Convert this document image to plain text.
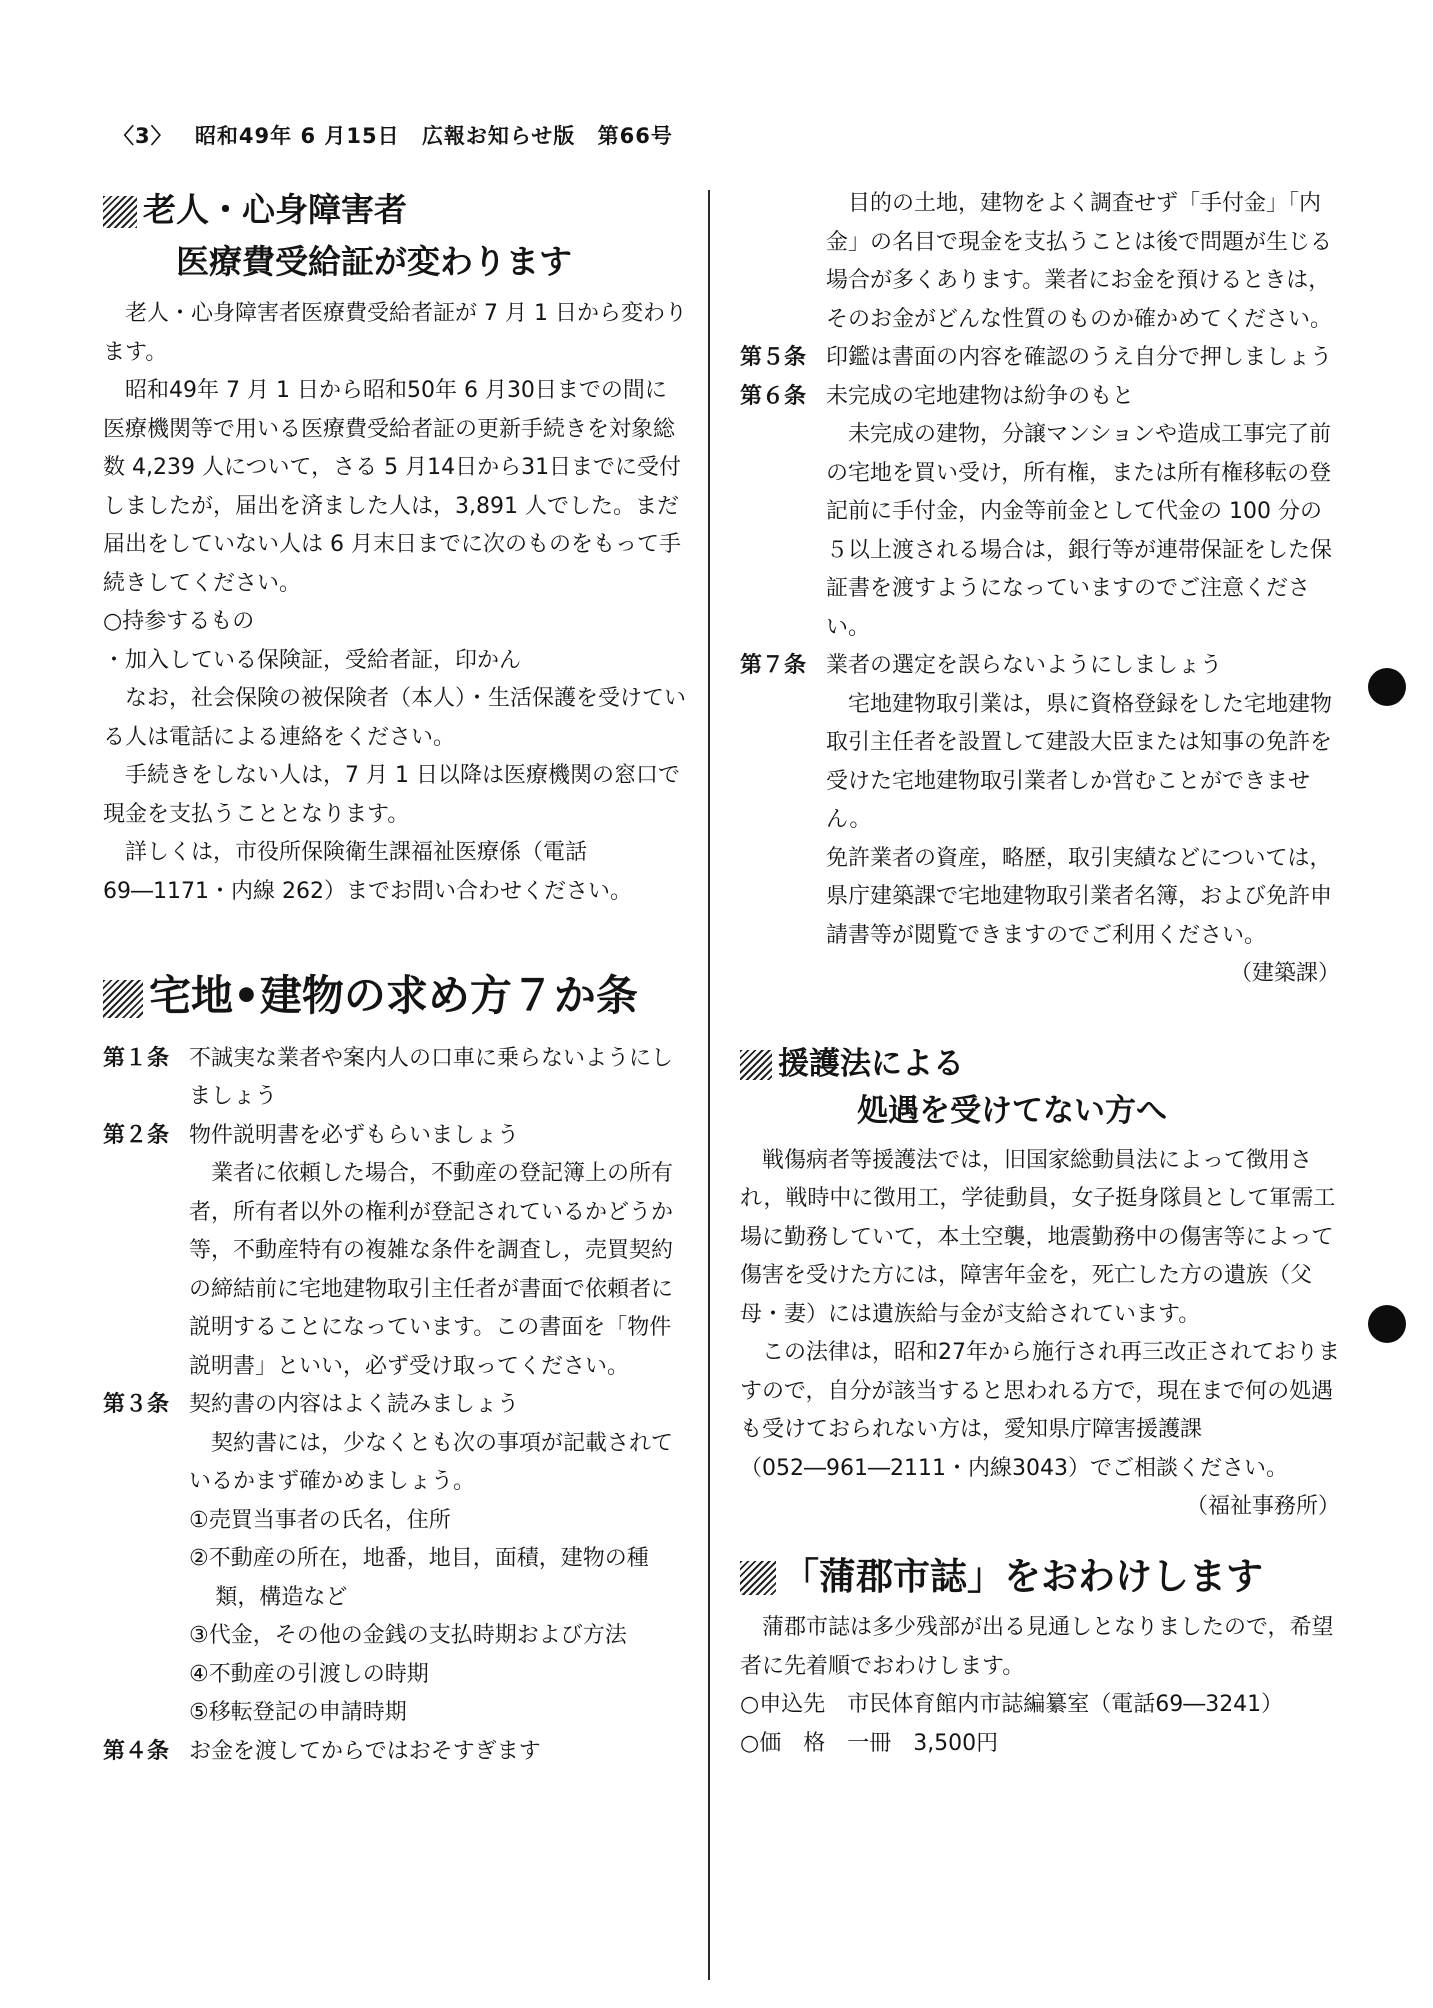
〈3〉 昭和49年 6 月15日 広報お知らせ版 第66号
老人・心身障害者
医療費受給証が変わります

老人・心身障害者医療費受給者証が 7 月 1 日から変わります。

昭和49年 7 月 1 日から昭和50年 6 月30日までの間に医療機関等で用いる医療費受給者証の更新手続きを対象総数 4,239 人について，さる 5 月14日から31日までに受付しましたが，届出を済ました人は，3,891 人でした。まだ届出をしていない人は 6 月末日までに次のものをもって手続きしてください。

○持参するもの

・加入している保険証，受給者証，印かん

なお，社会保険の被保険者（本人）・生活保護を受けている人は電話による連絡をください。

手続きをしない人は，7 月 1 日以降は医療機関の窓口で現金を支払うこととなります。

詳しくは，市役所保険衛生課福祉医療係（電話69―1171・内線 262）までお問い合わせください。

宅地•建物の求め方７か条
第１条 不誠実な業者や案内人の口車に乗らないようにしましょう
第２条 物件説明書を必ずもらいましょう

業者に依頼した場合，不動産の登記簿上の所有者，所有者以外の権利が登記されているかどうか等，不動産特有の複雑な条件を調査し，売買契約の締結前に宅地建物取引主任者が書面で依頼者に説明することになっています。この書面を「物件説明書」といい，必ず受け取ってください。

第３条 契約書の内容はよく読みましょう

契約書には，少なくとも次の事項が記載されているかまず確かめましょう。

①売買当事者の氏名，住所

②不動産の所在，地番，地目，面積，建物の種類，構造など

③代金，その他の金銭の支払時期および方法

④不動産の引渡しの時期

⑤移転登記の申請時期

第４条 お金を渡してからではおそすぎます

目的の土地，建物をよく調査せず「手付金」「内金」の名目で現金を支払うことは後で問題が生じる場合が多くあります。業者にお金を預けるときは，そのお金がどんな性質のものか確かめてください。

第５条 印鑑は書面の内容を確認のうえ自分で押しましょう
第６条 未完成の宅地建物は紛争のもと

未完成の建物，分譲マンションや造成工事完了前の宅地を買い受け，所有権，または所有権移転の登記前に手付金，内金等前金として代金の 100 分の５以上渡される場合は，銀行等が連帯保証をした保証書を渡すようになっていますのでご注意ください。

第７条 業者の選定を誤らないようにしましょう

宅地建物取引業は，県に資格登録をした宅地建物取引主任者を設置して建設大臣または知事の免許を受けた宅地建物取引業者しか営むことができません。

免許業者の資産，略歴，取引実績などについては，県庁建築課で宅地建物取引業者名簿，および免許申請書等が閲覧できますのでご利用ください。

（建築課）

援護法による
処遇を受けてない方へ

戦傷病者等援護法では，旧国家総動員法によって徴用され，戦時中に徴用工，学徒動員，女子挺身隊員として軍需工場に勤務していて，本土空襲，地震勤務中の傷害等によって傷害を受けた方には，障害年金を，死亡した方の遺族（父母・妻）には遺族給与金が支給されています。

この法律は，昭和27年から施行され再三改正されておりますので，自分が該当すると思われる方で，現在まで何の処遇も受けておられない方は，愛知県庁障害援護課（052―961―2111・内線3043）でご相談ください。

（福祉事務所）

「蒲郡市誌」をおわけします

蒲郡市誌は多少残部が出る見通しとなりましたので，希望者に先着順でおわけします。

○申込先　市民体育館内市誌編纂室（電話69―3241）

○価　格　一冊　3,500円
